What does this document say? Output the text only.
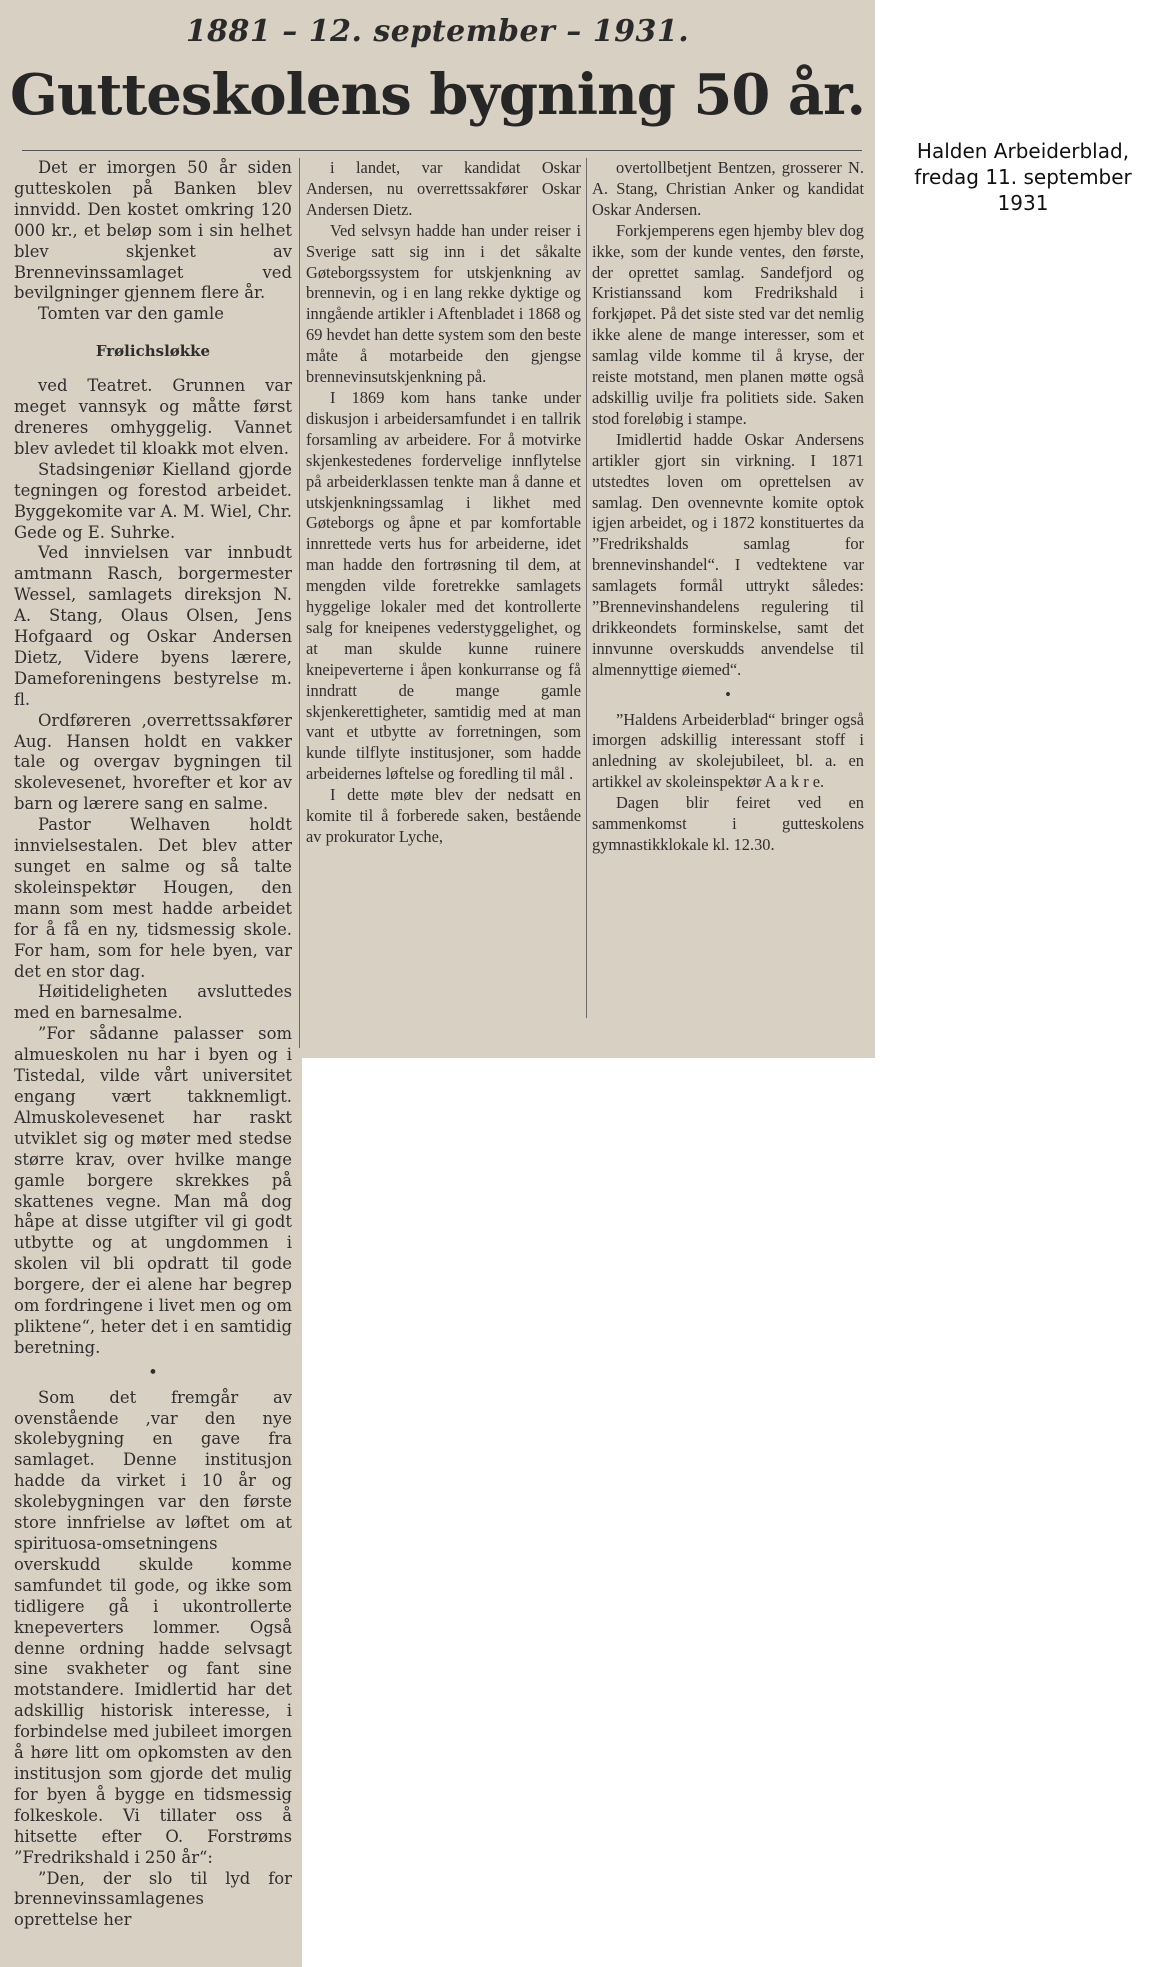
1881 – 12. september – 1931.
Gutteskolens bygning 50 år.

i landet, var kandidat Oskar Andersen, nu overrettssakfører Oskar Andersen Dietz.

Ved selvsyn hadde han under reiser i Sverige satt sig inn i det såkalte Gøteborgssystem for utskjenkning av brennevin, og i en lang rekke dyktige og inngående artikler i Aftenbladet i 1868 og 69 hevdet han dette system som den beste måte å motarbeide den gjengse brennevinsutskjenkning på.

I 1869 kom hans tanke under diskusjon i arbeidersamfundet i en tallrik forsamling av arbeidere. For å motvirke skjenkestedenes fordervelige innflytelse på arbeiderklassen tenkte man å danne et utskjenkningssamlag i likhet med Gøteborgs og åpne et par komfortable innrettede verts hus for arbeiderne, idet man hadde den fortrøsning til dem, at mengden vilde foretrekke samlagets hyggelige lokaler med det kontrollerte salg for kneipenes vederstyggelighet, og at man skulde kunne ruinere kneipeverterne i åpen konkurranse og få inndratt de mange gamle skjenkerettigheter, samtidig med at man vant et utbytte av forretningen, som kunde tilflyte institusjoner, som hadde arbeidernes løftelse og foredling til mål .

I dette møte blev der nedsatt en komite til å forberede saken, bestående av prokurator Lyche,

overtollbetjent Bentzen, grosserer N. A. Stang, Christian Anker og kandidat Oskar Andersen.

Forkjemperens egen hjemby blev dog ikke, som der kunde ventes, den første, der oprettet samlag. Sandefjord og Kristianssand kom Fredrikshald i forkjøpet. På det siste sted var det nemlig ikke alene de mange interesser, som et samlag vilde komme til å kryse, der reiste motstand, men planen møtte også adskillig uvilje fra politiets side. Saken stod foreløbig i stampe.

Imidlertid hadde Oskar Andersens artikler gjort sin virkning. I 1871 utstedtes loven om oprettelsen av samlag. Den ovennevnte komite optok igjen arbeidet, og i 1872 konstituertes da ”Fredrikshalds samlag for brennevinshandel“. I vedtektene var samlagets formål uttrykt således: ”Brennevinshandelens regulering til drikkeondets forminskelse, samt det innvunne overskudds anvendelse til almennyttige øiemed“.

•

”Haldens Arbeiderblad“ bringer også imorgen adskillig interessant stoff i anledning av skolejubileet, bl. a. en artikkel av skoleinspektør A a k r e.

Dagen blir feiret ved en sammenkomst i gutteskolens gymnastikklokale kl. 12.30.

Det er imorgen 50 år siden gutteskolen på Banken blev innvidd. Den kostet omkring 120 000 kr., et beløp som i sin helhet blev skjenket av Brennevinssamlaget ved bevilgninger gjennem flere år.

Tomten var den gamle

Frølichsløkke

ved Teatret. Grunnen var meget vannsyk og måtte først dreneres omhyggelig. Vannet blev avledet til kloakk mot elven.

Stadsingeniør Kielland gjorde tegningen og forestod arbeidet. Byggekomite var A. M. Wiel, Chr. Gede og E. Suhrke.

Ved innvielsen var innbudt amtmann Rasch, borgermester Wessel, samlagets direksjon N. A. Stang, Olaus Olsen, Jens Hofgaard og Oskar Andersen Dietz, Videre byens lærere, Dameforeningens bestyrelse m. fl.

Ordføreren ,overrettssakfører Aug. Hansen holdt en vakker tale og overgav bygningen til skolevesenet, hvorefter et kor av barn og lærere sang en salme.

Pastor Welhaven holdt innvielsestalen. Det blev atter sunget en salme og så talte skoleinspektør Hougen, den mann som mest hadde arbeidet for å få en ny, tidsmessig skole. For ham, som for hele byen, var det en stor dag.

Høitideligheten avsluttedes med en barnesalme.

”For sådanne palasser som almueskolen nu har i byen og i Tistedal, vilde vårt universitet engang vært takknemligt. Almuskolevesenet har raskt utviklet sig og møter med stedse større krav, over hvilke mange gamle borgere skrekkes på skattenes vegne. Man må dog håpe at disse utgifter vil gi godt utbytte og at ungdommen i skolen vil bli opdratt til gode borgere, der ei alene har begrep om fordringene i livet men og om pliktene“, heter det i en samtidig beretning.

•

Som det fremgår av ovenstående ,var den nye skolebygning en gave fra samlaget. Denne institusjon hadde da virket i 10 år og skolebygningen var den første store innfrielse av løftet om at spirituosa-omsetningens overskudd skulde komme samfundet til gode, og ikke som tidligere gå i ukontrollerte knepeverters lommer. Også denne ordning hadde selvsagt sine svakheter og fant sine motstandere. Imidlertid har det adskillig historisk interesse, i forbindelse med jubileet imorgen å høre litt om opkomsten av den institusjon som gjorde det mulig for byen å bygge en tidsmessig folkeskole. Vi tillater oss å hitsette efter O. Forstrøms ”Fredrikshald i 250 år“:

”Den, der slo til lyd for brennevinssamlagenes oprettelse her

Halden Arbeiderblad,
fredag 11. september
1931
